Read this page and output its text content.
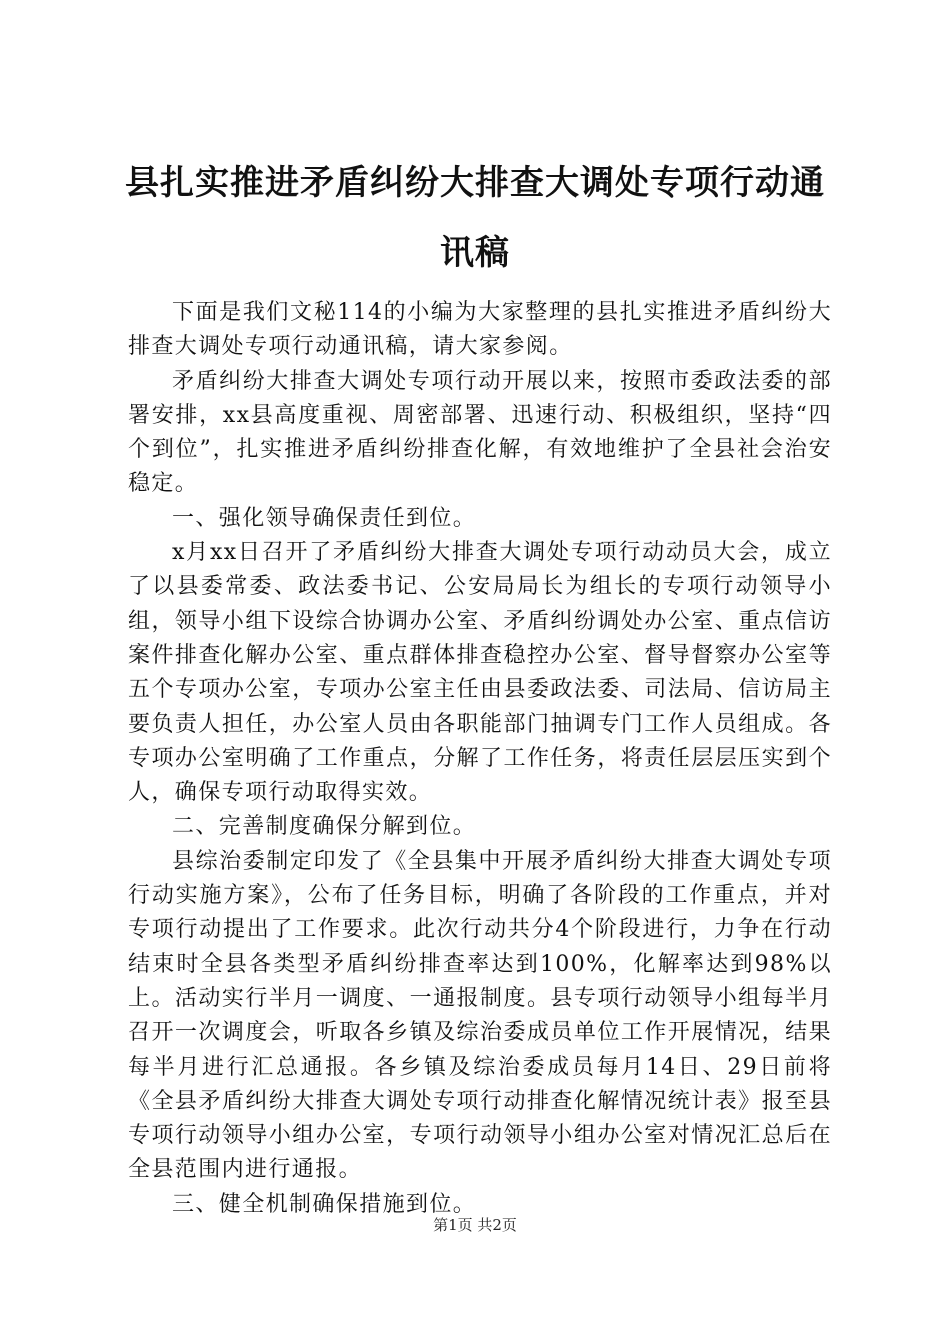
县扎实推进矛盾纠纷大排查大调处专项行动通
讯稿

下面是我们文秘114的小编为大家整理的县扎实推进矛盾纠纷大排查大调处专项行动通讯稿，请大家参阅。

矛盾纠纷大排查大调处专项行动开展以来，按照市委政法委的部署安排，xx县高度重视、周密部署、迅速行动、积极组织，坚持“四个到位”，扎实推进矛盾纠纷排查化解，有效地维护了全县社会治安稳定。

一、强化领导确保责任到位。

x月xx日召开了矛盾纠纷大排查大调处专项行动动员大会，成立了以县委常委、政法委书记、公安局局长为组长的专项行动领导小组，领导小组下设综合协调办公室、矛盾纠纷调处办公室、重点信访案件排查化解办公室、重点群体排查稳控办公室、督导督察办公室等五个专项办公室，专项办公室主任由县委政法委、司法局、信访局主要负责人担任，办公室人员由各职能部门抽调专门工作人员组成。各专项办公室明确了工作重点，分解了工作任务，将责任层层压实到个人，确保专项行动取得实效。

二、完善制度确保分解到位。

县综治委制定印发了《全县集中开展矛盾纠纷大排查大调处专项行动实施方案》，公布了任务目标，明确了各阶段的工作重点，并对专项行动提出了工作要求。此次行动共分4个阶段进行，力争在行动结束时全县各类型矛盾纠纷排查率达到100%，化解率达到98%以上。活动实行半月一调度、一通报制度。县专项行动领导小组每半月召开一次调度会，听取各乡镇及综治委成员单位工作开展情况，结果每半月进行汇总通报。各乡镇及综治委成员每月14日、29日前将《全县矛盾纠纷大排查大调处专项行动排查化解情况统计表》报至县专项行动领导小组办公室，专项行动领导小组办公室对情况汇总后在全县范围内进行通报。

三、健全机制确保措施到位。

第1页 共2页
